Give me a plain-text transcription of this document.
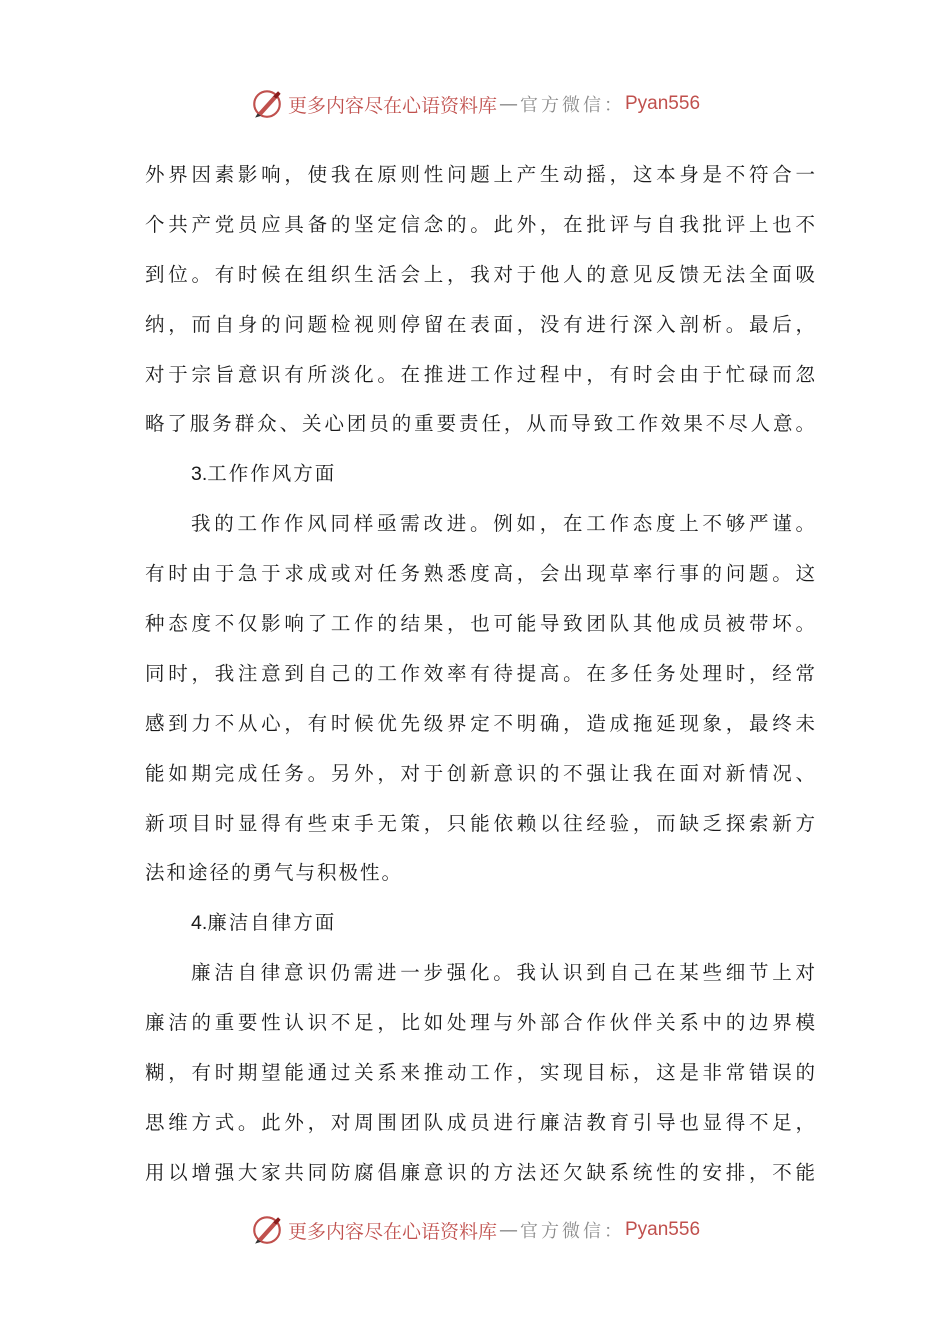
更多内容尽在心语资料库 — 官方微信： Pyan556
外界因素影响，使我在原则性问题上产生动摇，这本身是不符合一
个共产党员应具备的坚定信念的。此外，在批评与自我批评上也不
到位。有时候在组织生活会上，我对于他人的意见反馈无法全面吸
纳，而自身的问题检视则停留在表面，没有进行深入剖析。最后，
对于宗旨意识有所淡化。在推进工作过程中，有时会由于忙碌而忽
略了服务群众、关心团员的重要责任，从而导致工作效果不尽人意。
3.工作作风方面
我的工作作风同样亟需改进。例如，在工作态度上不够严谨。
有时由于急于求成或对任务熟悉度高，会出现草率行事的问题。这
种态度不仅影响了工作的结果，也可能导致团队其他成员被带坏。
同时，我注意到自己的工作效率有待提高。在多任务处理时，经常
感到力不从心，有时候优先级界定不明确，造成拖延现象，最终未
能如期完成任务。另外，对于创新意识的不强让我在面对新情况、
新项目时显得有些束手无策，只能依赖以往经验，而缺乏探索新方
法和途径的勇气与积极性。
4.廉洁自律方面
廉洁自律意识仍需进一步强化。我认识到自己在某些细节上对
廉洁的重要性认识不足，比如处理与外部合作伙伴关系中的边界模
糊，有时期望能通过关系来推动工作，实现目标，这是非常错误的
思维方式。此外，对周围团队成员进行廉洁教育引导也显得不足，
用以增强大家共同防腐倡廉意识的方法还欠缺系统性的安排，不能
更多内容尽在心语资料库 — 官方微信： Pyan556
